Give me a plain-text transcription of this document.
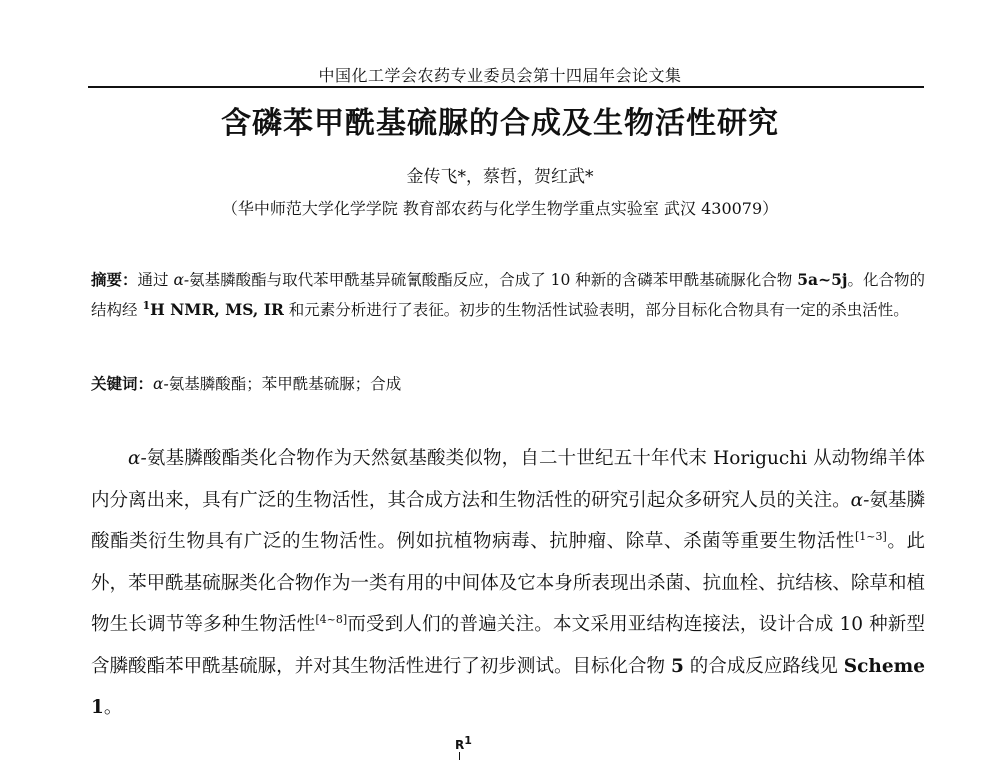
中国化工学会农药专业委员会第十四届年会论文集
含磷苯甲酰基硫脲的合成及生物活性研究
金传飞*，蔡哲，贺红武*
（华中师范大学化学学院 教育部农药与化学生物学重点实验室 武汉 430079）
摘要：通过 α-氨基膦酸酯与取代苯甲酰基异硫氰酸酯反应，合成了 10 种新的含磷苯甲酰基硫脲化合物 5a~5j。化合物的结构经 $^1$H NMR, MS, IR 和元素分析进行了表征。初步的生物活性试验表明，部分目标化合物具有一定的杀虫活性。
关键词：α-氨基膦酸酯；苯甲酰基硫脲；合成
α-氨基膦酸酯类化合物作为天然氨基酸类似物，自二十世纪五十年代末 Horiguchi 从动物绵羊体内分离出来，具有广泛的生物活性，其合成方法和生物活性的研究引起众多研究人员的关注。α-氨基膦酸酯类衍生物具有广泛的生物活性。例如抗植物病毒、抗肿瘤、除草、杀菌等重要生物活性[1~3]。此外，苯甲酰基硫脲类化合物作为一类有用的中间体及它本身所表现出杀菌、抗血栓、抗结核、除草和植物生长调节等多种生物活性[4~8]而受到人们的普遍关注。本文采用亚结构连接法，设计合成 10 种新型含膦酸酯苯甲酰基硫脲，并对其生物活性进行了初步测试。目标化合物 5 的合成反应路线见 Scheme 1。
$R^1$
